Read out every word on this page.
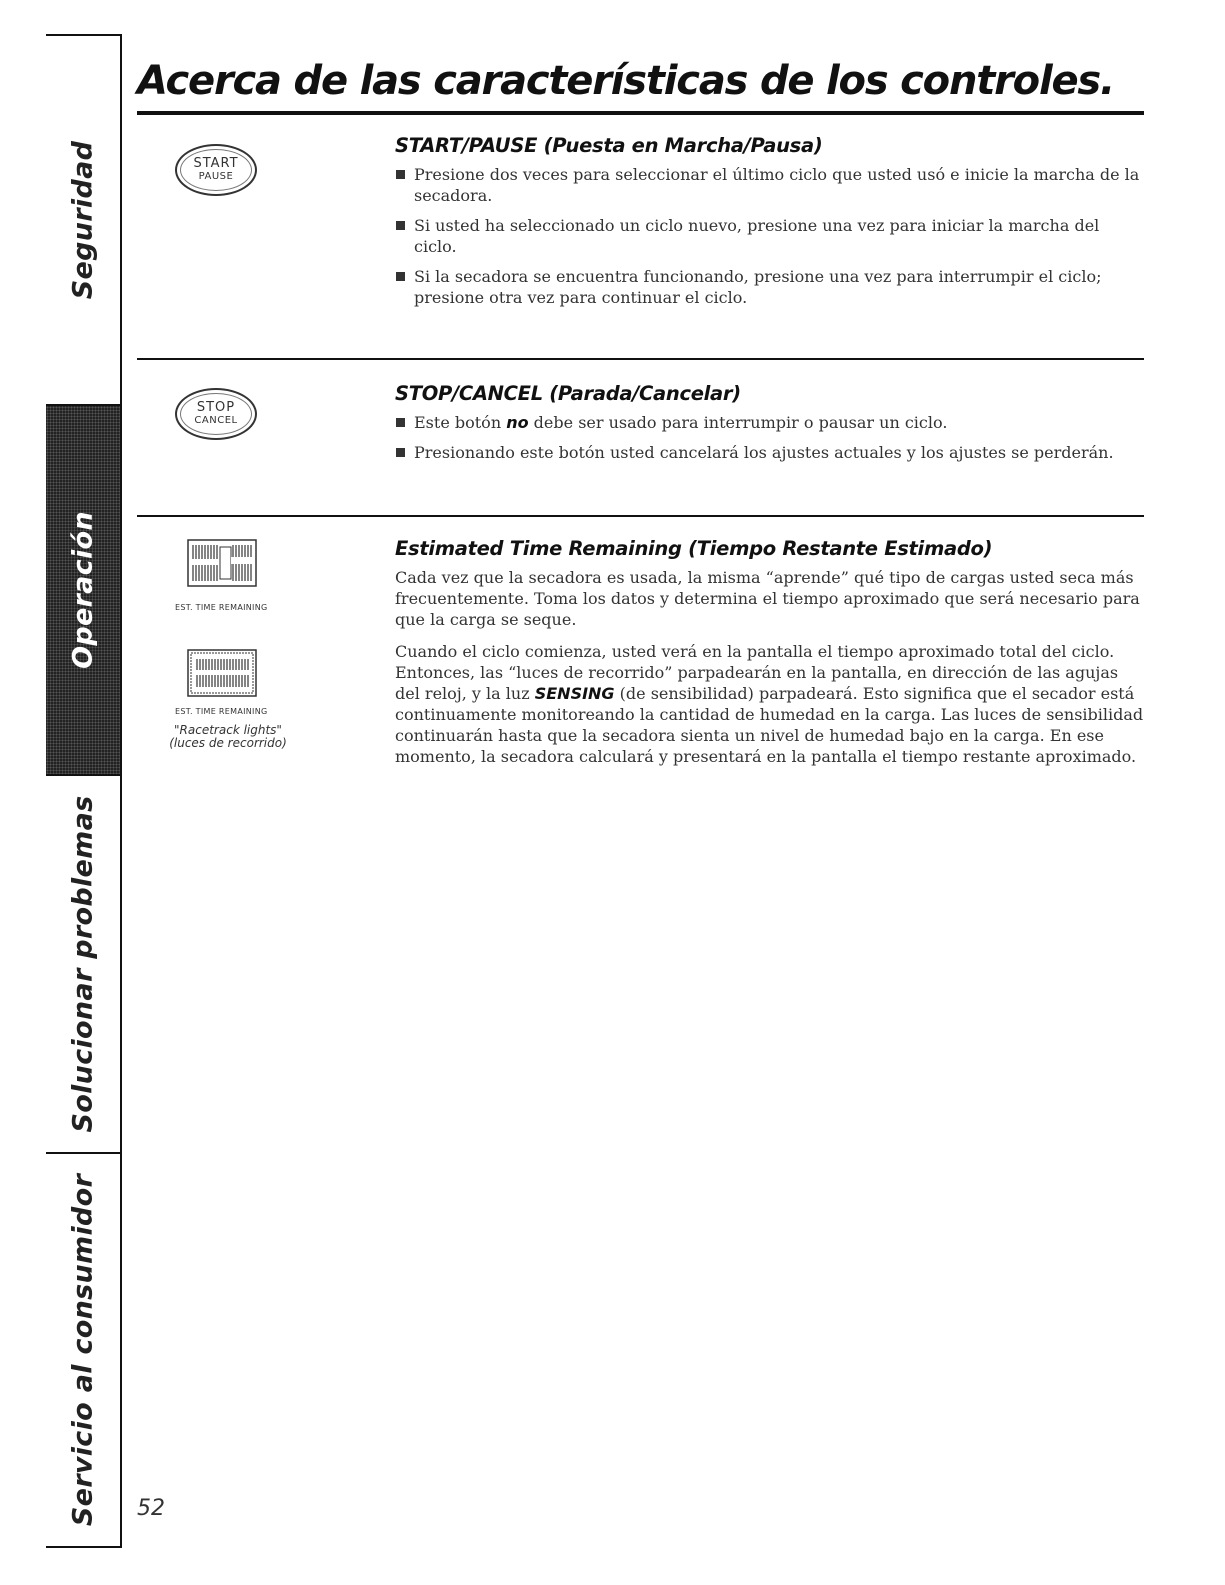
Seguridad
Operación
Solucionar problemas
Servicio al consumidor
Acerca de las características de los controles.
START
PAUSE
START/PAUSE (Puesta en Marcha/Pausa)

Presione dos veces para seleccionar el último ciclo que usted usó e inicie la marcha de la secadora.

Si usted ha seleccionado un ciclo nuevo, presione una vez para iniciar la marcha del ciclo.

Si la secadora se encuentra funcionando, presione una vez para interrumpir el ciclo; presione otra vez para continuar el ciclo.

STOP
CANCEL
STOP/CANCEL (Parada/Cancelar)

Este botón no debe ser usado para interrumpir o pausar un ciclo.

Presionando este botón usted cancelará los ajustes actuales y los ajustes se perderán.

EST. TIME REMAINING
EST. TIME REMAINING
"Racetrack lights"
(luces de recorrido)
Estimated Time Remaining (Tiempo Restante Estimado)

Cada vez que la secadora es usada, la misma “aprende” qué tipo de cargas usted seca más frecuentemente. Toma los datos y determina el tiempo aproximado que será necesario para que la carga se seque.

Cuando el ciclo comienza, usted verá en la pantalla el tiempo aproximado total del ciclo. Entonces, las “luces de recorrido” parpadearán en la pantalla, en dirección de las agujas del reloj, y la luz SENSING (de sensibilidad) parpadeará. Esto significa que el secador está continuamente monitoreando la cantidad de humedad en la carga. Las luces de sensibilidad continuarán hasta que la secadora sienta un nivel de humedad bajo en la carga. En ese momento, la secadora calculará y presentará en la pantalla el tiempo restante aproximado.

52
